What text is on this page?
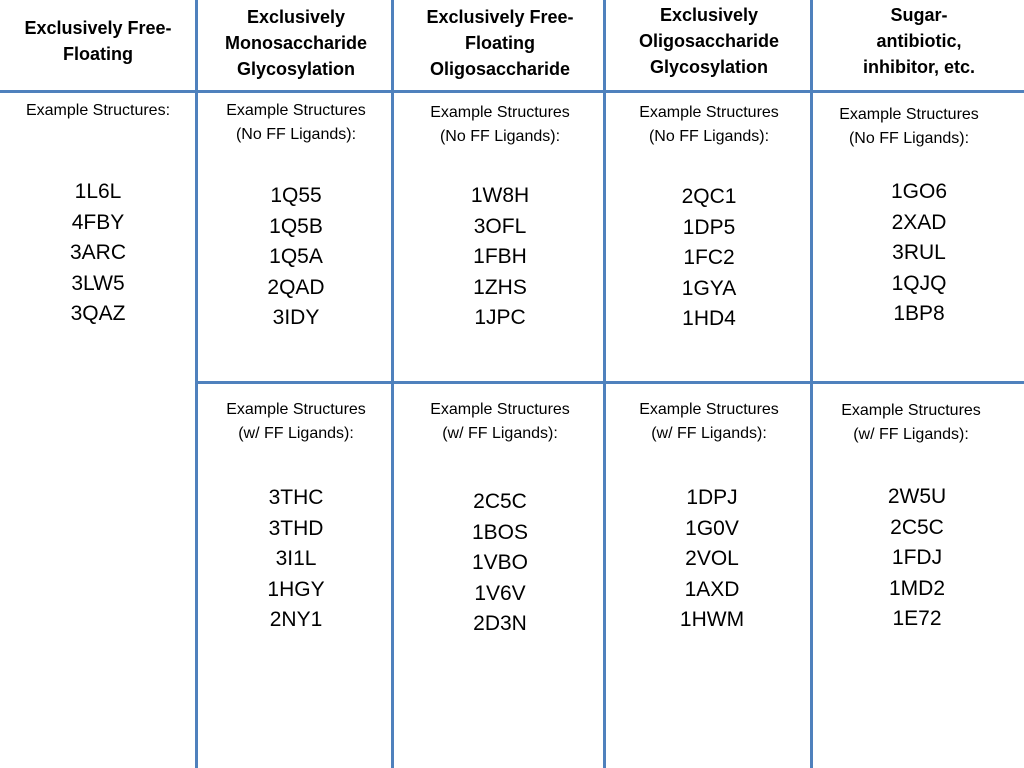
Exclusively Free-
Floating
Exclusively
Monosaccharide
Glycosylation
Exclusively Free-
Floating
Oligosaccharide
Exclusively
Oligosaccharide
Glycosylation
Sugar-
antibiotic,
inhibitor, etc.
Example Structures:
1L6L
4FBY
3ARC
3LW5
3QAZ
Example Structures
(No FF Ligands):
Example Structures
(No FF Ligands):
Example Structures
(No FF Ligands):
Example Structures
(No FF Ligands):
1Q55
1Q5B
1Q5A
2QAD
3IDY
1W8H
3OFL
1FBH
1ZHS
1JPC
2QC1
1DP5
1FC2
1GYA
1HD4
1GO6
2XAD
3RUL
1QJQ
1BP8
Example Structures
(w/ FF Ligands):
Example Structures
(w/ FF Ligands):
Example Structures
(w/ FF Ligands):
Example Structures
(w/ FF Ligands):
3THC
3THD
3I1L
1HGY
2NY1
2C5C
1BOS
1VBO
1V6V
2D3N
1DPJ
1G0V
2VOL
1AXD
1HWM
2W5U
2C5C
1FDJ
1MD2
1E72
